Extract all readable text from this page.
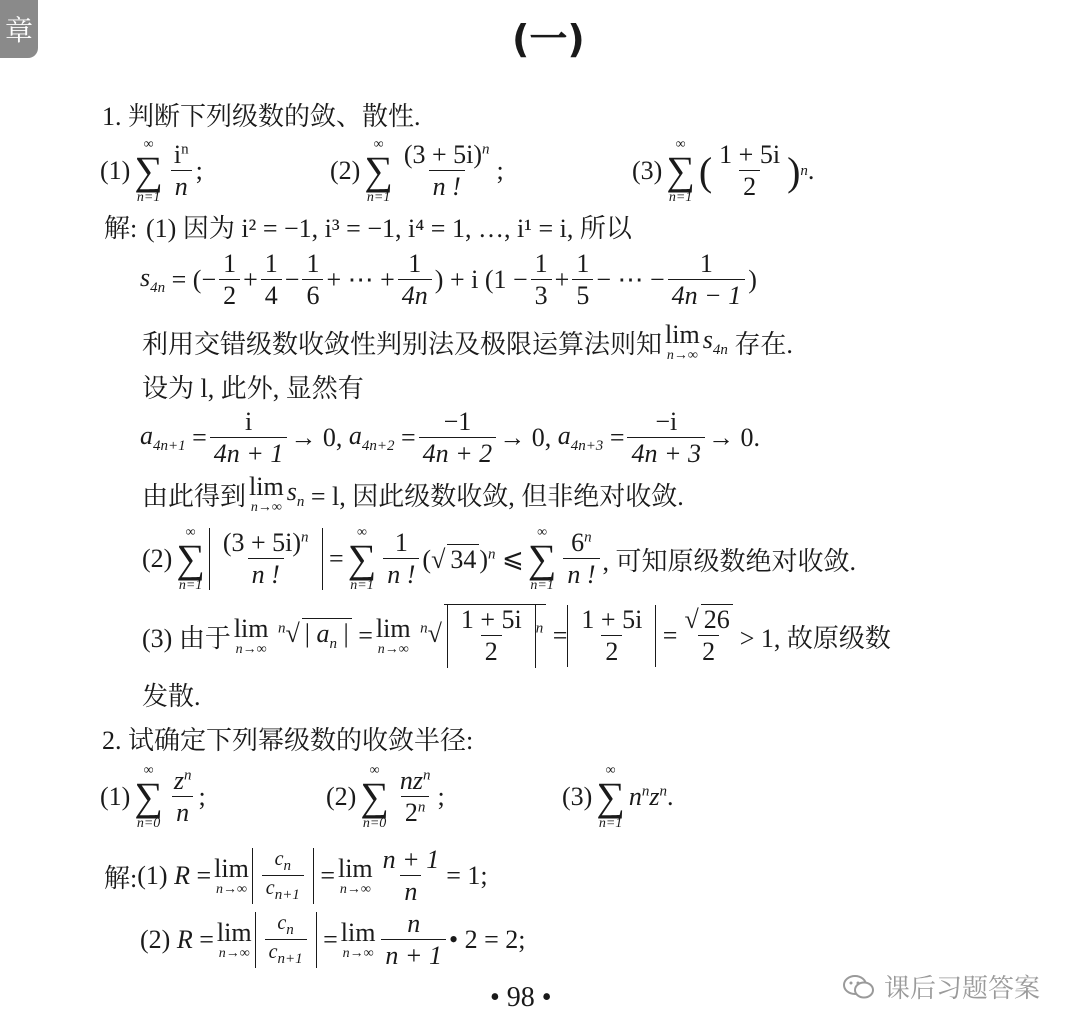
章	(一)
1. 判断下列级数的敛、散性.
(1)
∞
∑
$n=1 \frac{i^n}{n}$ ;	(2)
∞
∑
$n=1 \frac{(3 + 5i)^n}{n !}$ ;	(3)
∞
∑
n=1
( $\frac{1 + 5i}{2}$ ) n .
解: (1) 因为 i² = −1, i³ = −1, i⁴ = 1, …, i¹ = i, 所以
$s_{4n}$ = (− $\frac{1}{2} + \frac{1}{4} - \frac{1}{6}$ + ⋯ + $\frac{1}{4n}$ ) + i ($1 - \frac{1}{3} + \frac{1}{5}$ − ⋯ − $\frac{1}{4n - 1}$ )
利用交错级数收敛性判别法及极限运算法则知 lim
n→∞
$s_{4n}$
存在.
设为 l, 此外, 显然有
$a_{4n+1} = \frac{i}{4n + 1} \to 0$, $a_{4n+2} = \frac{-1}{4n + 2} \to 0$, $a_{4n+3} = \frac{-i}{4n + 3} \to 0$.
由此得到 lim
n→∞
$s_n$
= l, 因此级数收敛, 但非绝对收敛.
(2)
∞
∑
$n=1 \frac{(3 + 5i)^n}{n !}$ =
∞
∑
$n=1 \frac{1}{n !}$ (√ 34 )$^n$ ⩽
∞
∑
$n=1 \frac{6^n}{n !}$ , 可知原级数绝对收敛.
(3) 由于 lim
n→∞
$^n$√ | $a_n$ | = lim
n→∞
$^n√ \frac{1 + 5i}{2} ^n = \frac{1 + 5i}{2} = \frac{√ 26}{2} > 1$, 故原级数
发散.
2. 试确定下列幂级数的收敛半径:
(1)
∞
∑
$n=0 \frac{z^n}{n}$ ;	(2)
∞
∑
$n=0 \frac{nz^n}{2^n}$ ;	(3)
∞
∑
n=1
$n^nz^n$ .
解: (1) R = lim
$n\to\infty \frac{c_n}{c_{n+1}} = \lim$
$n\to\infty \frac{n + 1}{n} = 1$;
(2) R = lim
$n\to\infty \frac{c_n}{c_{n+1}} = \lim$
$n\to\infty \frac{n}{n + 1}$ • 2 = 2;
• 98 •	课后习题答案
